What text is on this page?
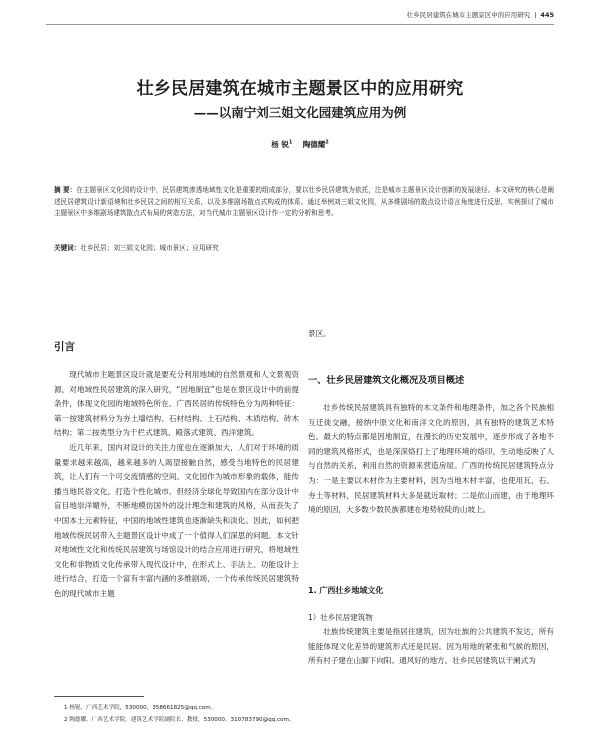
壮乡民居建筑在城市主题景区中的应用研究 | 445
壮乡民居建筑在城市主题景区中的应用研究
——以南宁刘三姐文化园建筑应用为例
杨 锐$^1$ 陶德耀$^2$
摘 要：在主题景区文化园的设计中，民居建筑渗透地域性文化是重要的组成部分，要以壮乡民居建筑为依托，注是城市主题景区设计创新的发展途径。本文研究的核心是阐述民居建筑设计新语境和壮乡民居之间的相互关系，以及多维剧场散点式构成的体系。通过举例刘三姐文化园，从多维剧场的散点设计语言角度进行反思，实例探讨了城市主题景区中多维剧场建筑散点式布局的营造方法，对当代城市主题景区设计作一定的分析和思考。
关键词：壮乡民居；刘三姐文化园；城市景区；应用研究
引言

现代城市主题景区设计就是要充分利用地域的自然景观和人文景观资源，对地域性民居建筑的深入研究，“因地制宜”也是在景区设计中的前提条件，体现文化园的地域特色所在。广西民居的传统特色分为两种特征：第一按建筑材料分为夯土墙结构、石材结构、土石结构、木质结构、砖木结构；第二按类型分为干栏式建筑、殿落式建筑、西洋建筑。

近几年来，国内对设计的关注力度也在逐渐加大，人们对于环境的质量要求越来越高，越来越多的人渴望接触自然，感受当地特色的民居建筑，让人们有一个可交流情感的空间。文化园作为城市形象的载体，能传播当地民俗文化，打造个性化城市。但经济全球化导致国内在部分设计中盲目地崇洋媚外，不断地模仿国外的设计理念和建筑的风格，从而丧失了中国本土元素特征，中国的地域性建筑也逐渐缺失和淡化。因此，如何把地域传统民居带入主题景区设计中成了一个值得人们深思的问题。本文针对地域性文化和传统民居建筑与场馆设计的结合应用进行研究，将地域性文化和非物质文化传承带入现代设计中，在形式上、手法上、功能设计上进行结合，打造一个富有丰富内涵的多维剧场，一个传承传统民居建筑特色的现代城市主题

景区。

一、壮乡民居建筑文化概况及项目概述

壮乡传统民居建筑具有独特的木文条件和地理条件，加之各个民族相互迁徙交融，接纳中原文化和南洋文化的原因，具有独特的建筑艺术特色。最大的特点都是因地制宜，在漫长的历史发展中，逐步形成了各地不同的建筑风格形式，也是深深烙打上了地理环境的烙印，生动地反映了人与自然的关系，利用自然的资源来营造房屋。广西的传统民居建筑特点分为：一是主要以木材作为主要材料，因为当地木材丰富，也使用瓦、石、夯土等材料，民居建筑材料大多是就近取材；二是依山而建，由于地理环境的原因，大多数少数民族都建在地势较陡的山坡上。

1. 广西壮乡地域文化
1）壮乡民居建筑物

壮族传统建筑主要是指居住建筑，因为壮族的公共建筑不发达，所有能能体现文化差异的建筑形式还是民居。因为用地的紧张和气候的原因，所有村子建在山脚下向阳、通风好的地方。壮乡民居建筑以干阑式为

1 杨锐，广西艺术学院，530000，358661825@qq.com。
2 陶德耀，广西艺术学院，建筑艺术学院副院长、教授，530000，310783790@qq.com。
